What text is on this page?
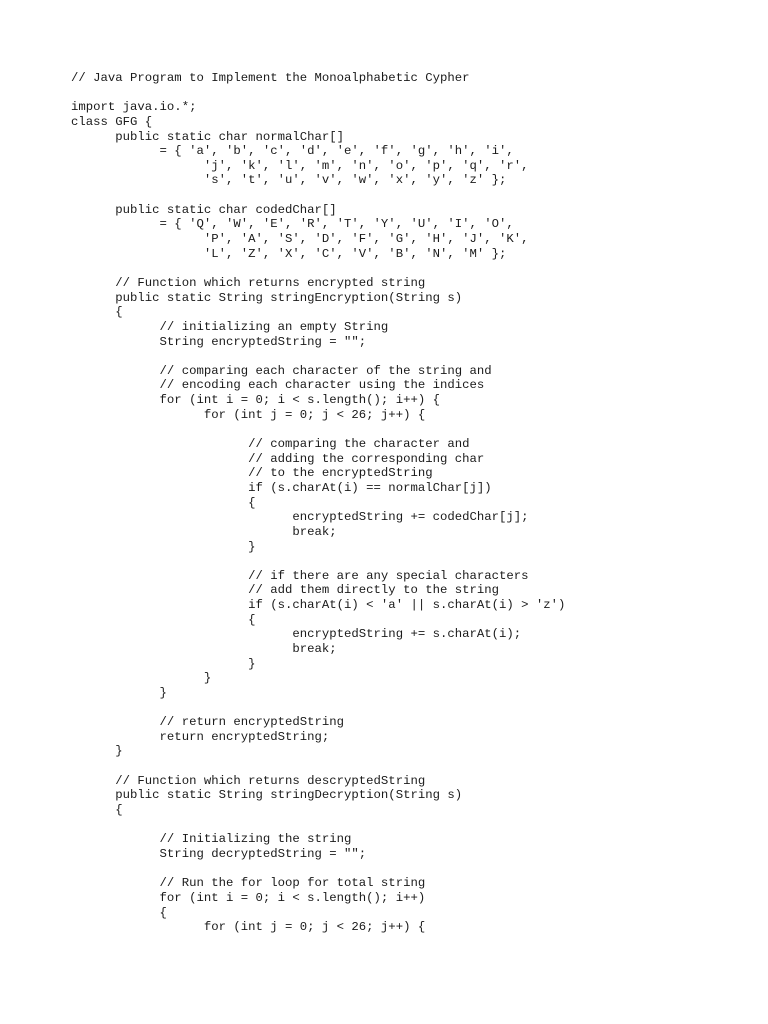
// Java Program to Implement the Monoalphabetic Cypher
import java.io.*;
class GFG {
public static char normalChar[]
= { 'a', 'b', 'c', 'd', 'e', 'f', 'g', 'h', 'i',
'j', 'k', 'l', 'm', 'n', 'o', 'p', 'q', 'r',
's', 't', 'u', 'v', 'w', 'x', 'y', 'z' };
public static char codedChar[]
= { 'Q', 'W', 'E', 'R', 'T', 'Y', 'U', 'I', 'O',
'P', 'A', 'S', 'D', 'F', 'G', 'H', 'J', 'K',
'L', 'Z', 'X', 'C', 'V', 'B', 'N', 'M' };
// Function which returns encrypted string
public static String stringEncryption(String s)
{
// initializing an empty String
String encryptedString = "";
// comparing each character of the string and
// encoding each character using the indices
for (int i = 0; i < s.length(); i++) {
for (int j = 0; j < 26; j++) {
// comparing the character and
// adding the corresponding char
// to the encryptedString
if (s.charAt(i) == normalChar[j])
{
encryptedString += codedChar[j];
break;
}
// if there are any special characters
// add them directly to the string
if (s.charAt(i) < 'a' || s.charAt(i) > 'z')
{
encryptedString += s.charAt(i);
break;
}
}
}
// return encryptedString
return encryptedString;
}
// Function which returns descryptedString
public static String stringDecryption(String s)
{
// Initializing the string
String decryptedString = "";
// Run the for loop for total string
for (int i = 0; i < s.length(); i++)
{
for (int j = 0; j < 26; j++) {
